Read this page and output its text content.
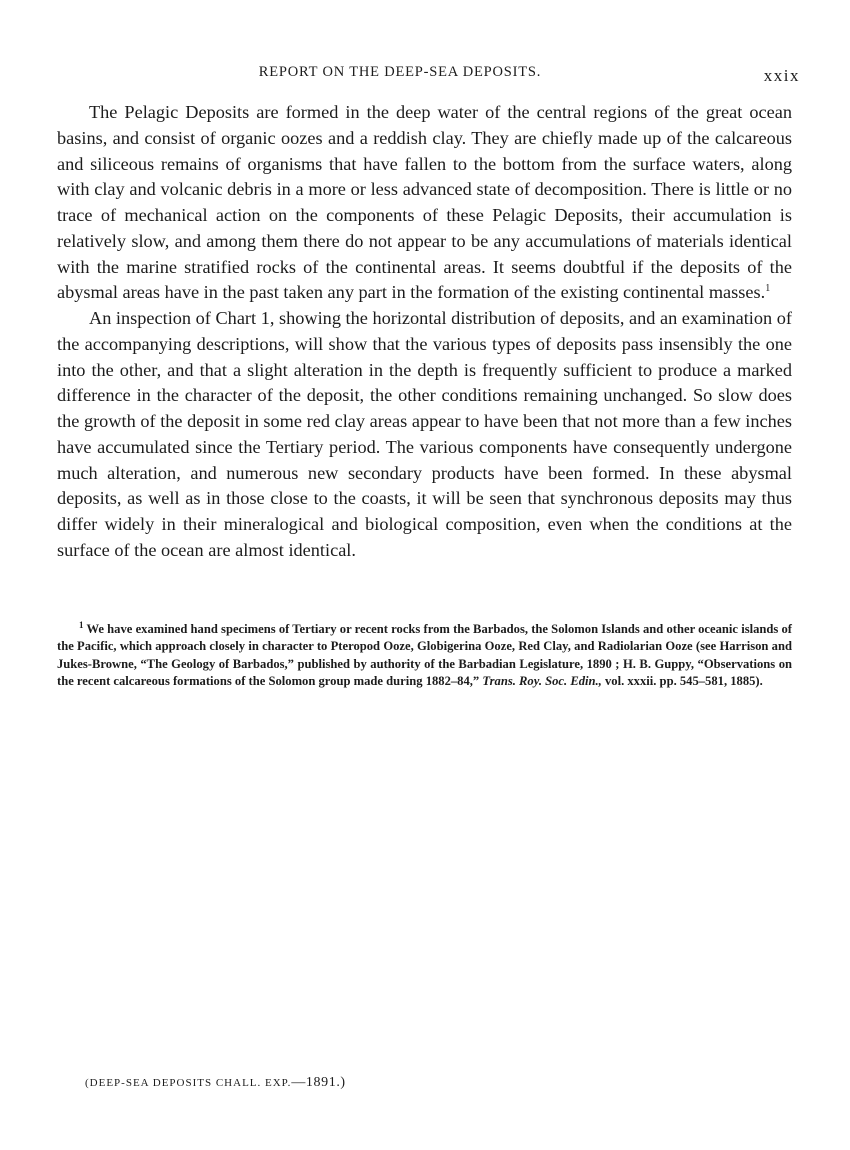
REPORT ON THE DEEP-SEA DEPOSITS.	xxix

The Pelagic Deposits are formed in the deep water of the central regions of the great ocean basins, and consist of organic oozes and a reddish clay. They are chiefly made up of the calcareous and siliceous remains of organisms that have fallen to the bottom from the surface waters, along with clay and volcanic debris in a more or less advanced state of decomposition. There is little or no trace of mechanical action on the components of these Pelagic Deposits, their accumulation is relatively slow, and among them there do not appear to be any accumulations of materials identical with the marine stratified rocks of the continental areas. It seems doubtful if the deposits of the abysmal areas have in the past taken any part in the formation of the existing continental masses.$^1$

An inspection of Chart 1, showing the horizontal distribution of deposits, and an examination of the accompanying descriptions, will show that the various types of deposits pass insensibly the one into the other, and that a slight alteration in the depth is frequently sufficient to produce a marked difference in the character of the deposit, the other conditions remaining unchanged. So slow does the growth of the deposit in some red clay areas appear to have been that not more than a few inches have accumulated since the Tertiary period. The various components have consequently undergone much alteration, and numerous new secondary products have been formed. In these abysmal deposits, as well as in those close to the coasts, it will be seen that synchronous deposits may thus differ widely in their mineralogical and biological composition, even when the conditions at the surface of the ocean are almost identical.

$^1$ We have examined hand specimens of Tertiary or recent rocks from the Barbados, the Solomon Islands and other oceanic islands of the Pacific, which approach closely in character to Pteropod Ooze, Globigerina Ooze, Red Clay, and Radiolarian Ooze (see Harrison and Jukes-Browne, “The Geology of Barbados,” published by authority of the Barbadian Legislature, 1890 ; H. B. Guppy, “Observations on the recent calcareous formations of the Solomon group made during 1882–84,” Trans. Roy. Soc. Edin., vol. xxxii. pp. 545–581, 1885).

(DEEP-SEA DEPOSITS CHALL. EXP.—1891.)
